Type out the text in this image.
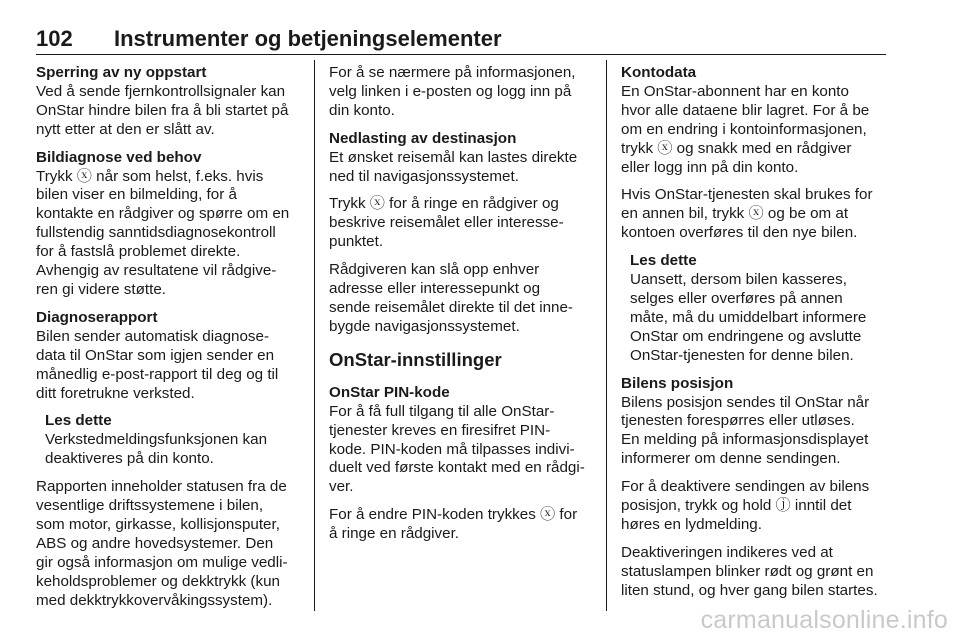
102 Instrumenter og betjeningselementer
Sperring av ny oppstart
Ved å sende fjernkontrollsignaler kan
OnStar hindre bilen fra å bli startet på
nytt etter at den er slått av.
Bildiagnose ved behov
Trykk ⓧ når som helst, f.eks. hvis
bilen viser en bilmelding, for å
kontakte en rådgiver og spørre om en
fullstendig sanntidsdiagnosekontroll
for å fastslå problemet direkte.
Avhengig av resultatene vil rådgive-
ren gi videre støtte.
Diagnoserapport
Bilen sender automatisk diagnose-
data til OnStar som igjen sender en
månedlig e-post-rapport til deg og til
ditt foretrukne verksted.
Les dette
Verkstedmeldingsfunksjonen kan
deaktiveres på din konto.
Rapporten inneholder statusen fra de
vesentlige driftssystemene i bilen,
som motor, girkasse, kollisjonsputer,
ABS og andre hovedsystemer. Den
gir også informasjon om mulige vedli-
keholdsproblemer og dekktrykk (kun
med dekktrykkovervåkingssystem).
For å se nærmere på informasjonen,
velg linken i e-posten og logg inn på
din konto.
Nedlasting av destinasjon
Et ønsket reisemål kan lastes direkte
ned til navigasjonssystemet.
Trykk ⓧ for å ringe en rådgiver og
beskrive reisemålet eller interesse-
punktet.
Rådgiveren kan slå opp enhver
adresse eller interessepunkt og
sende reisemålet direkte til det inne-
bygde navigasjonssystemet.
OnStar-innstillinger
OnStar PIN-kode
For å få full tilgang til alle OnStar-
tjenester kreves en firesifret PIN-
kode. PIN-koden må tilpasses indivi-
duelt ved første kontakt med en rådgi-
ver.
For å endre PIN-koden trykkes ⓧ for
å ringe en rådgiver.
Kontodata
En OnStar-abonnent har en konto
hvor alle dataene blir lagret. For å be
om en endring i kontoinformasjonen,
trykk ⓧ og snakk med en rådgiver
eller logg inn på din konto.
Hvis OnStar-tjenesten skal brukes for
en annen bil, trykk ⓧ og be om at
kontoen overføres til den nye bilen.
Les dette
Uansett, dersom bilen kasseres,
selges eller overføres på annen
måte, må du umiddelbart informere
OnStar om endringene og avslutte
OnStar-tjenesten for denne bilen.
Bilens posisjon
Bilens posisjon sendes til OnStar når
tjenesten forespørres eller utløses.
En melding på informasjonsdisplayet
informerer om denne sendingen.
For å deaktivere sendingen av bilens
posisjon, trykk og hold ⓙ inntil det
høres en lydmelding.
Deaktiveringen indikeres ved at
statuslampen blinker rødt og grønt en
liten stund, og hver gang bilen startes.
carmanualsonline.info
